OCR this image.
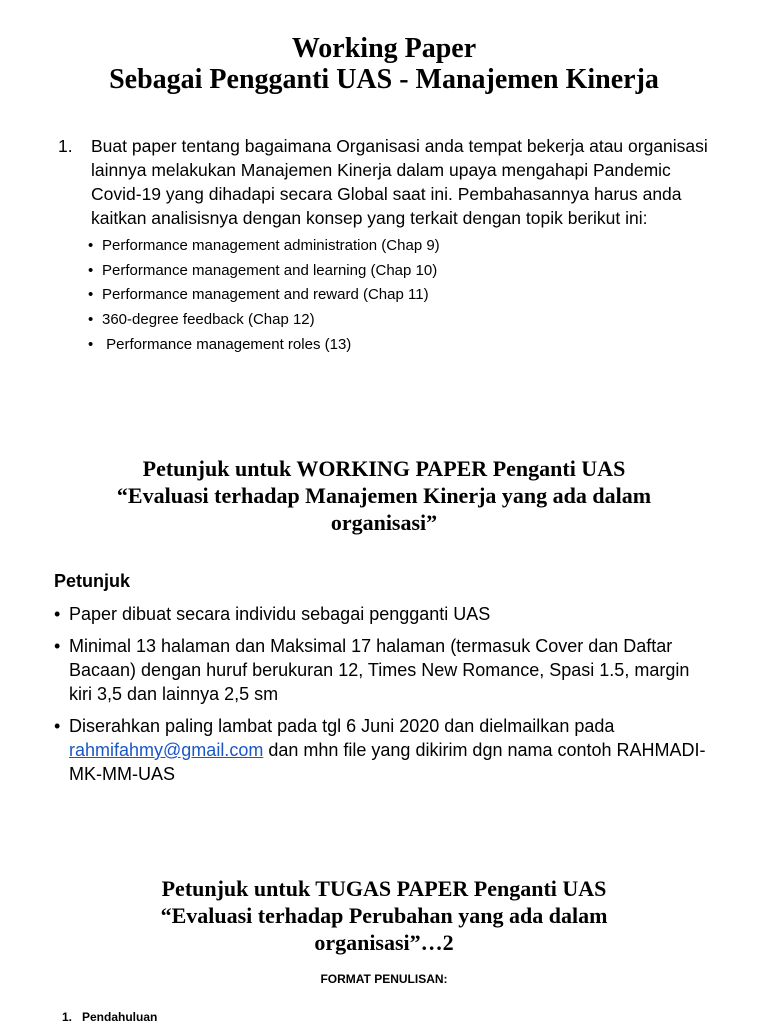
Working Paper
Sebagai Pengganti UAS - Manajemen Kinerja
1. Buat paper tentang bagaimana Organisasi anda tempat bekerja atau organisasi lainnya melakukan Manajemen Kinerja dalam upaya mengahapi Pandemic Covid-19 yang dihadapi secara Global saat ini. Pembahasannya harus anda kaitkan analisisnya dengan konsep yang terkait dengan topik berikut ini:
• Performance management administration (Chap 9)
• Performance management and learning (Chap 10)
• Performance management and reward (Chap 11)
• 360-degree feedback (Chap 12)
•  Performance management roles (13)
Petunjuk untuk WORKING PAPER Penganti UAS
“Evaluasi terhadap Manajemen Kinerja yang ada dalam
organisasi”
Petunjuk
• Paper dibuat secara individu sebagai pengganti UAS
• Minimal 13 halaman dan Maksimal 17 halaman (termasuk Cover dan Daftar Bacaan) dengan huruf berukuran 12, Times New Romance, Spasi 1.5, margin kiri 3,5 dan lainnya 2,5 sm
• Diserahkan paling lambat pada tgl 6 Juni 2020 dan dielmailkan pada rahmifahmy@gmail.com dan mhn file yang dikirim dgn nama contoh RAHMADI-MK-MM-UAS
Petunjuk untuk TUGAS PAPER Penganti UAS
“Evaluasi terhadap Perubahan yang ada dalam
organisasi”…2
FORMAT PENULISAN:
1. Pendahuluan
